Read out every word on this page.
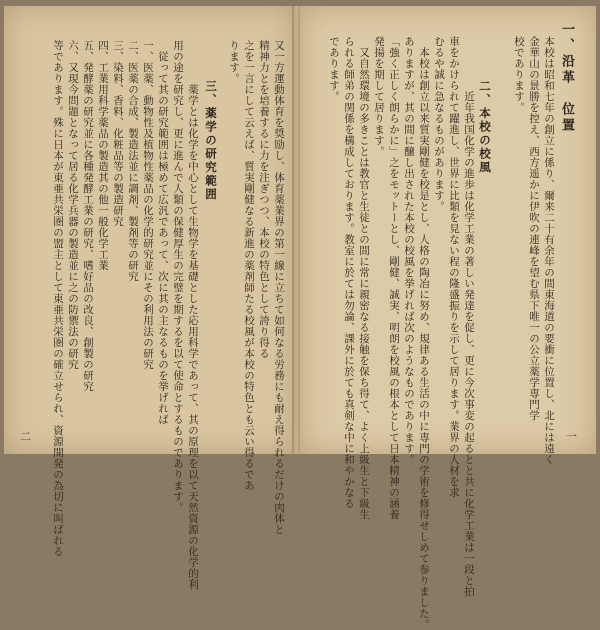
一、沿革　位置
本校は昭和七年の創立に係り、爾来二十有余年の間東海道の要衝に位置し、北には遠く
金華山の景勝を控え、西方遥かに伊吹の連峰を望む県下唯一の公立薬学専門学
校であります。
二、本校の校風
　　　　　近年我国化学の進歩は化学工業の著しい発達を促し、更に今次事変の起るとと共に化学工業は一段と拍
車をかけられて躍進し、世界に比類を見ない程の隆盛振りを示して居ります。業界の人材を求
むるや誠に急なるものがあります。
　本校は創立以来質実剛健を校是とし、人格の陶冶に努め、規律ある生活の中に専門の学術を修得せしめて参りました。
ありますが、其の間に醸し出された本校の校風を挙げれば次のようなものであります。
「強く正しく朗らかに」之をモットーとし、剛健、誠実、明朗を校風の根本として日本精神の涵養
発揚を期して居ります。
　又自然環境の多きことは教官と生徒との間に常に親密なる接触を保ち得て、よく上級生と下級生
られる師弟の関係を構成しております。教室に於ては勿論、課外に於ても真剣な中に和やかなる
であります。
一
又一方運動体育を奨励し、体育薬業界の第一線に立ちて如何なる労務にも耐え得られるだけの肉体と
精神力とを培養するに力を注ぎつつ、本校の特色として誇り得る
之を一言にして云えば、質実剛健なる新進の薬剤師たる校風が本校の特色とも云い得るであ
ります。
三、薬学の研究範囲
　　　　薬学とは化学を中心として生物学を基礎とした応用科学であって、其の原理を以て天然資源の化学的利
用の途を研究し、更に進んで人類の保健厚生の完璧を期するを以て使命とするものであります。
　従って其の研究範囲は極めて広汎であって、次に其の主なるものを挙げれば
一、医薬、動物性及植物性薬品の化学的研究並にその利用法の研究
二、医薬の合成、製造法並に調剤、製剤等の研究
三、染料、香料、化粧品等の製造研究
四、工業用科学薬品の製造其の他一般化学工業
五、発酵薬の研究並に各種発酵工業の研究、嗜好品の改良、創製の研究
六、又現今問題となって居る化学兵器の製造並に之の防禦法の研究
等であります。殊に日本が東亜共栄圏の盟主として東亜共栄圏の確立せられ、資源開発の為切に叫ばれる
二
